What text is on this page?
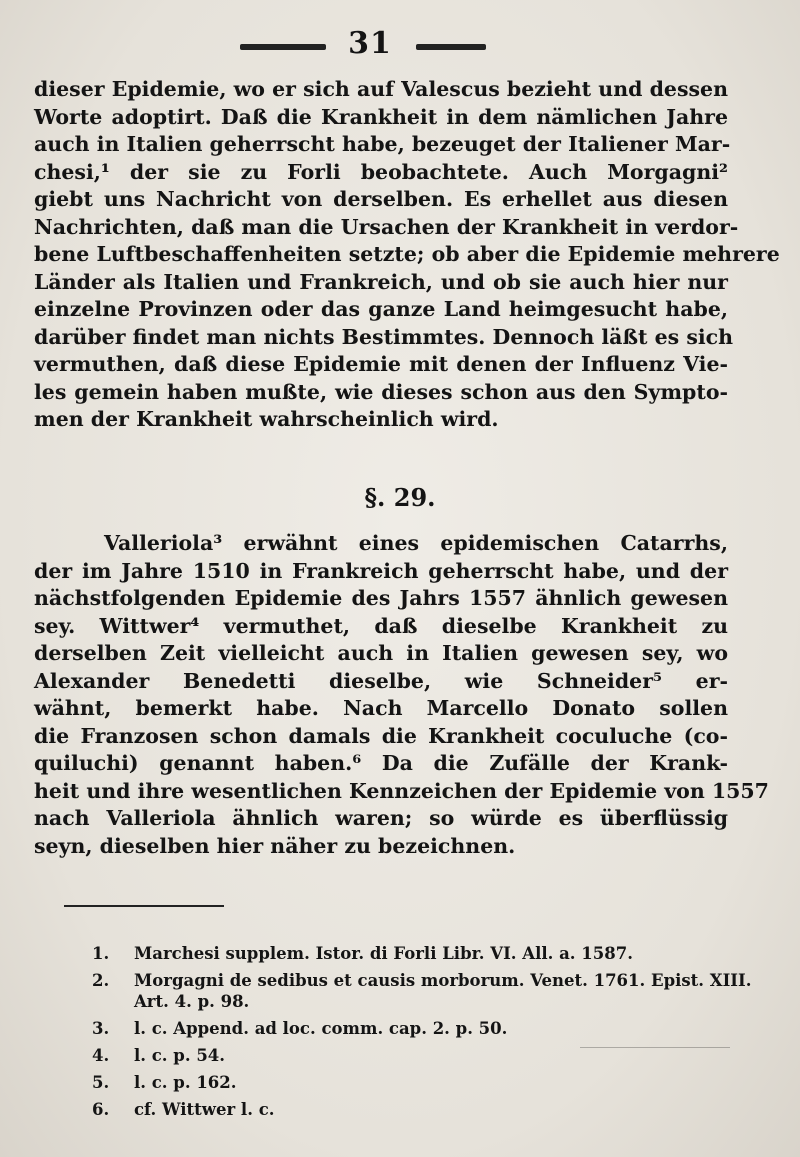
31
dieser Epidemie, wo er sich auf Valescus bezieht und dessen
Worte adoptirt. Daß die Krankheit in dem nämlichen Jahre
auch in Italien geherrscht habe, bezeuget der Italiener Mar-
chesi,¹ der sie zu Forli beobachtete. Auch Morgagni²
giebt uns Nachricht von derselben. Es erhellet aus diesen
Nachrichten, daß man die Ursachen der Krankheit in verdor-
bene Luftbeschaffenheiten setzte; ob aber die Epidemie mehrere
Länder als Italien und Frankreich, und ob sie auch hier nur
einzelne Provinzen oder das ganze Land heimgesucht habe,
darüber findet man nichts Bestimmtes. Dennoch läßt es sich
vermuthen, daß diese Epidemie mit denen der Influenz Vie-
les gemein haben mußte, wie dieses schon aus den Sympto-
men der Krankheit wahrscheinlich wird.
§. 29.
Valleriola³ erwähnt eines epidemischen Catarrhs,
der im Jahre 1510 in Frankreich geherrscht habe, und der
nächstfolgenden Epidemie des Jahrs 1557 ähnlich gewesen
sey. Wittwer⁴ vermuthet, daß dieselbe Krankheit zu
derselben Zeit vielleicht auch in Italien gewesen sey, wo
Alexander Benedetti dieselbe, wie Schneider⁵ er-
wähnt, bemerkt habe. Nach Marcello Donato sollen
die Franzosen schon damals die Krankheit coculuche (co-
quiluchi) genannt haben.⁶ Da die Zufälle der Krank-
heit und ihre wesentlichen Kennzeichen der Epidemie von 1557
nach Valleriola ähnlich waren; so würde es überflüssig
seyn, dieselben hier näher zu bezeichnen.
1.	Marchesi supplem. Istor. di Forli Libr. VI. All. a. 1587.
2.	Morgagni de sedibus et causis morborum. Venet. 1761. Epist. XIII. Art. 4. p. 98.
3.	l. c. Append. ad loc. comm. cap. 2. p. 50.
4.	l. c. p. 54.
5.	l. c. p. 162.
6.	cf. Wittwer l. c.
